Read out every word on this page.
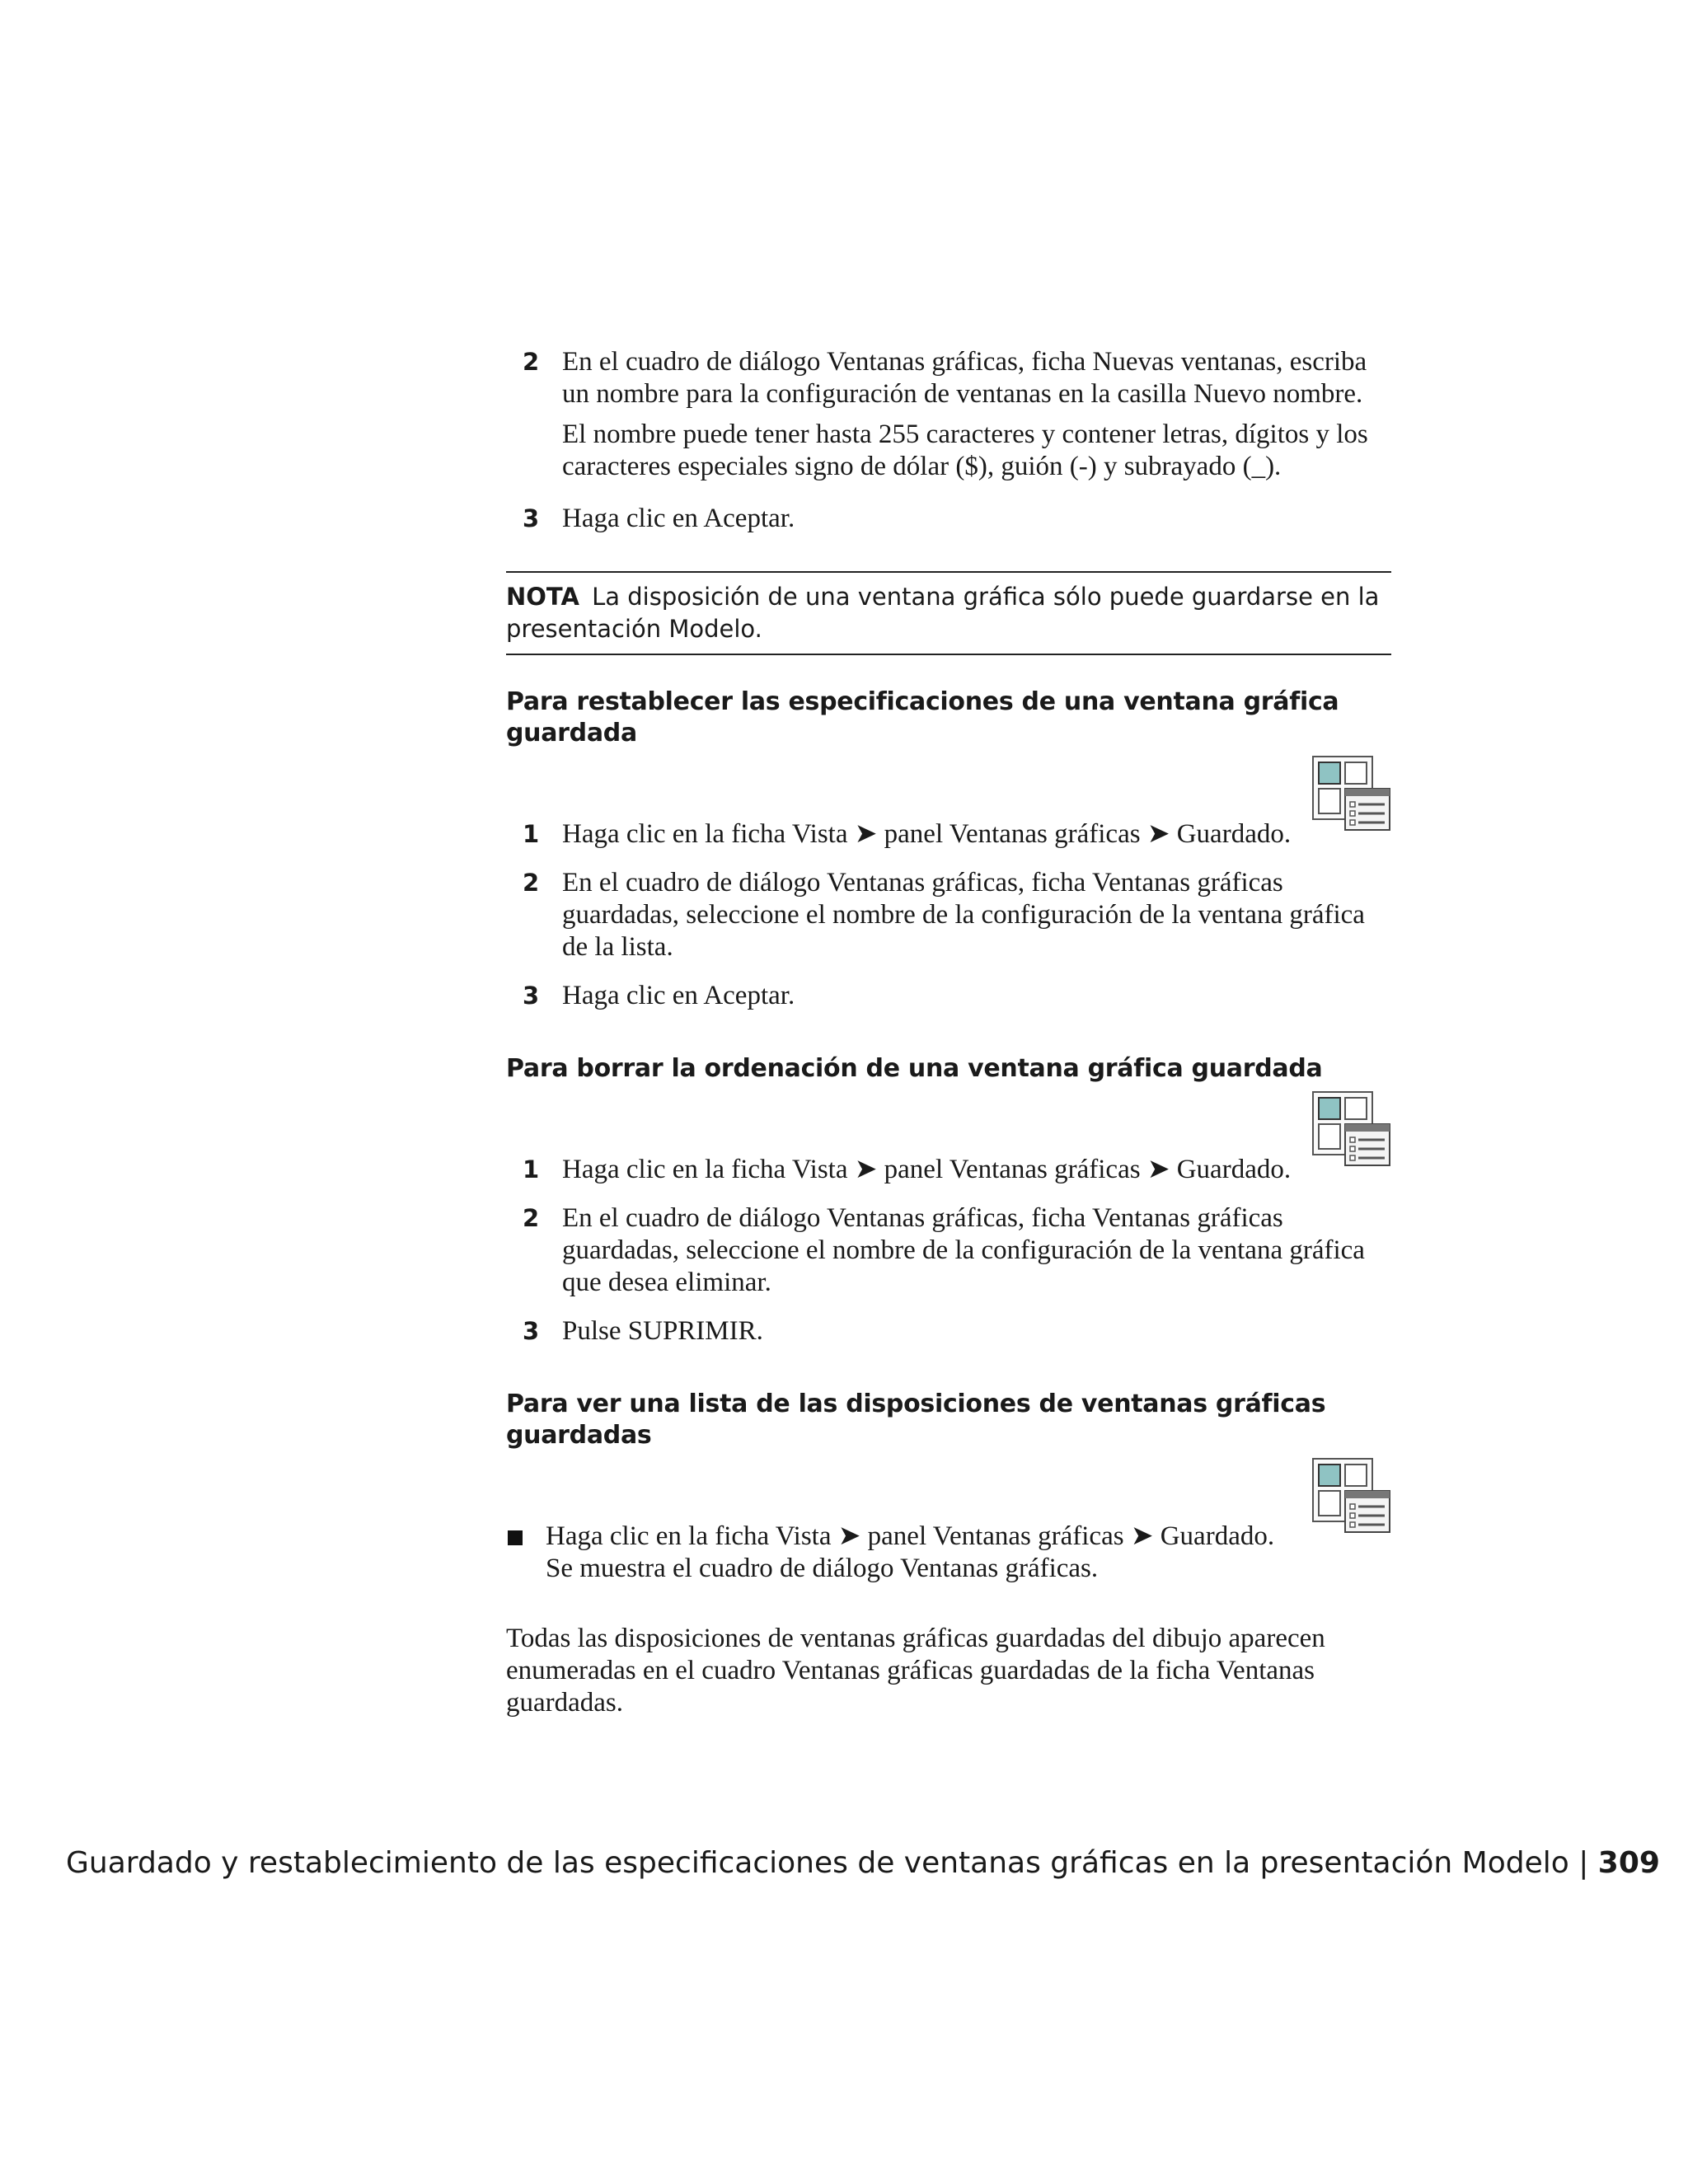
2 En el cuadro de diálogo Ventanas gráficas, ficha Nuevas ventanas, escriba un nombre para la configuración de ventanas en la casilla Nuevo nombre.

El nombre puede tener hasta 255 caracteres y contener letras, dígitos y los caracteres especiales signo de dólar ($), guión (-) y subrayado (_).

3 Haga clic en Aceptar.

NOTA La disposición de una ventana gráfica sólo puede guardarse en la presentación Modelo.
Para restablecer las especificaciones de una ventana gráfica guardada
1 Haga clic en la ficha Vista ➤ panel Ventanas gráficas ➤ Guardado.

2 En el cuadro de diálogo Ventanas gráficas, ficha Ventanas gráficas guardadas, seleccione el nombre de la configuración de la ventana gráfica de la lista.

3 Haga clic en Aceptar.

Para borrar la ordenación de una ventana gráfica guardada
1 Haga clic en la ficha Vista ➤ panel Ventanas gráficas ➤ Guardado.

2 En el cuadro de diálogo Ventanas gráficas, ficha Ventanas gráficas guardadas, seleccione el nombre de la configuración de la ventana gráfica que desea eliminar.

3 Pulse SUPRIMIR.

Para ver una lista de las disposiciones de ventanas gráficas guardadas
Haga clic en la ficha Vista ➤ panel Ventanas gráficas ➤ Guardado.
Se muestra el cuadro de diálogo Ventanas gráficas.

Todas las disposiciones de ventanas gráficas guardadas del dibujo aparecen enumeradas en el cuadro Ventanas gráficas guardadas de la ficha Ventanas guardadas.

Guardado y restablecimiento de las especificaciones de ventanas gráficas en la presentación Modelo | 309
